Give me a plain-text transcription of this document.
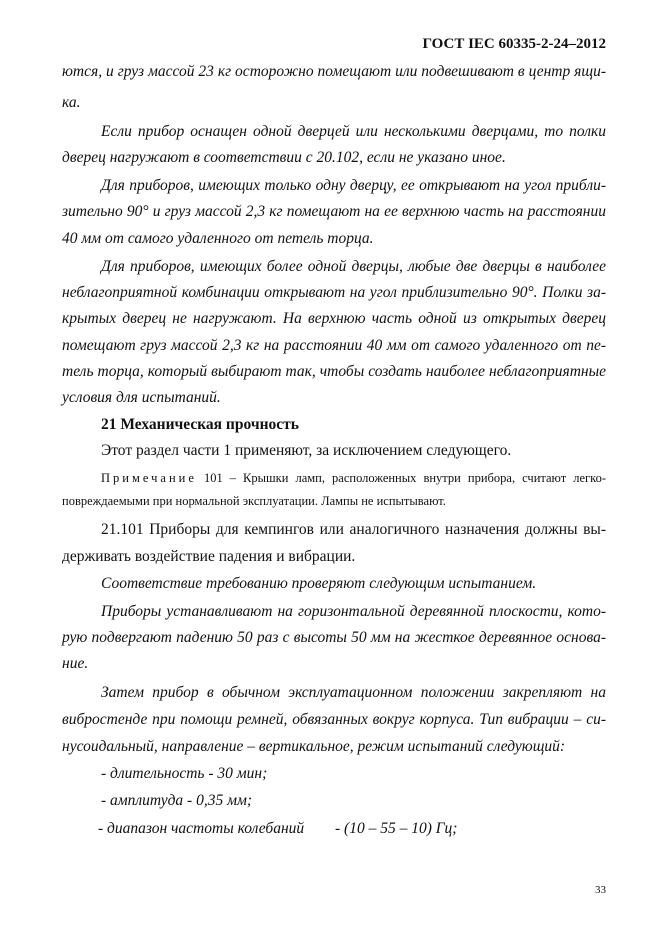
ГОСТ IEC 60335-2-24–2012
ются, и груз массой 23 кг осторожно помещают или подвешивают в центр ящи-
ка.
Если прибор оснащен одной дверцей или несколькими дверцами, то полки
дверец нагружают в соответствии с 20.102, если не указано иное.
Для приборов, имеющих только одну дверцу, ее открывают на угол прибли-
зительно 90° и груз массой 2,3 кг помещают на ее верхнюю часть на расстоянии
40 мм от самого удаленного от петель торца.
Для приборов, имеющих более одной дверцы, любые две дверцы в наиболее
неблагоприятной комбинации открывают на угол приблизительно 90°. Полки за-
крытых дверец не нагружают. На верхнюю часть одной из открытых дверец
помещают груз массой 2,3 кг на расстоянии 40 мм от самого удаленного от пе-
тель торца, который выбирают так, чтобы создать наиболее неблагоприятные
условия для испытаний.
21 Механическая прочность
Этот раздел части 1 применяют, за исключением следующего.
Примечание 101 – Крышки ламп, расположенных внутри прибора, считают легко-
повреждаемыми при нормальной эксплуатации. Лампы не испытывают.
21.101 Приборы для кемпингов или аналогичного назначения должны вы-
держивать воздействие падения и вибрации.
Соответствие требованию проверяют следующим испытанием.
Приборы устанавливают на горизонтальной деревянной плоскости, кото-
рую подвергают падению 50 раз с высоты 50 мм на жесткое деревянное основа-
ние.
Затем прибор в обычном эксплуатационном положении закрепляют на
вибростенде при помощи ремней, обвязанных вокруг корпуса. Тип вибрации – си-
нусоидальный, направление – вертикальное, режим испытаний следующий:
- длительность - 30 мин;
- амплитуда - 0,35 мм;
- диапазон частоты колебаний	- (10 – 55 – 10) Гц;
33
